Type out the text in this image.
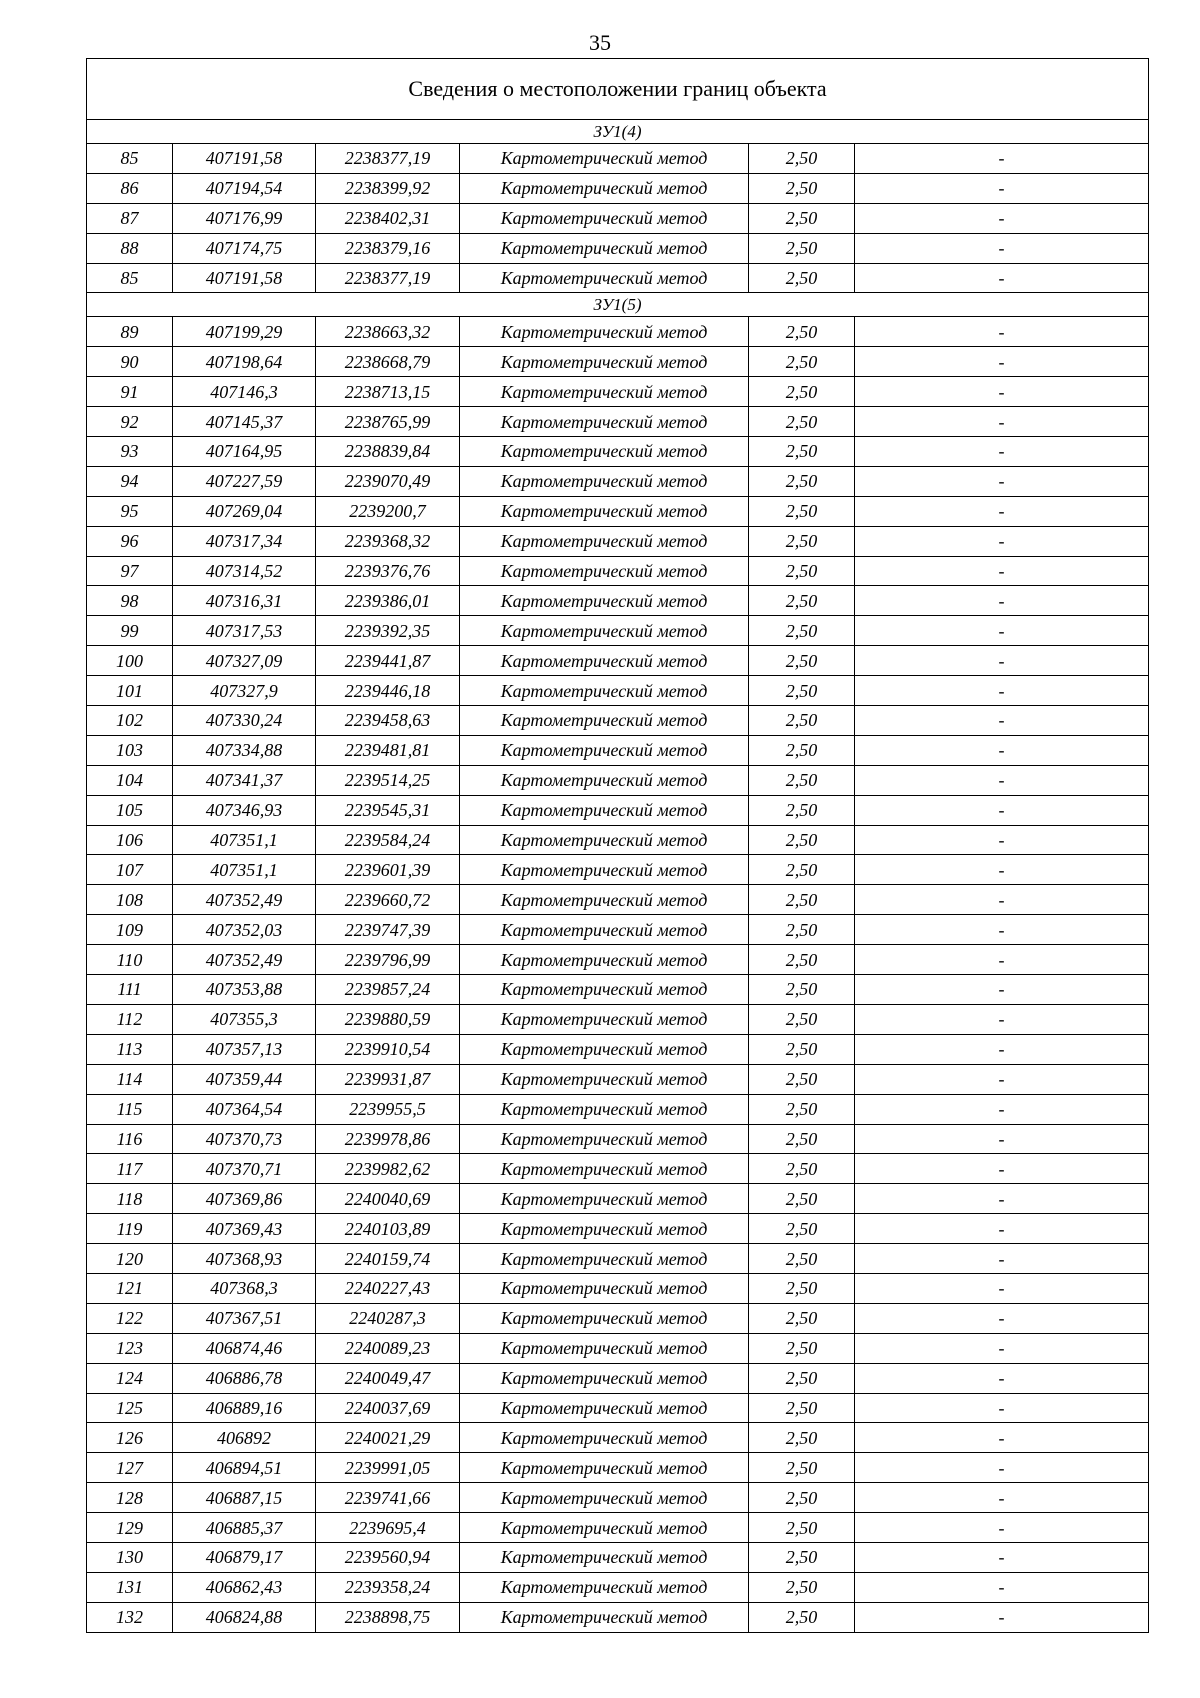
35
Сведения о местоположении границ объекта					
ЗУ1(4)					
85	407191,58	2238377,19	Картометрический метод	2,50	-
86	407194,54	2238399,92	Картометрический метод	2,50	-
87	407176,99	2238402,31	Картометрический метод	2,50	-
88	407174,75	2238379,16	Картометрический метод	2,50	-
85	407191,58	2238377,19	Картометрический метод	2,50	-
ЗУ1(5)					
89	407199,29	2238663,32	Картометрический метод	2,50	-
90	407198,64	2238668,79	Картометрический метод	2,50	-
91	407146,3	2238713,15	Картометрический метод	2,50	-
92	407145,37	2238765,99	Картометрический метод	2,50	-
93	407164,95	2238839,84	Картометрический метод	2,50	-
94	407227,59	2239070,49	Картометрический метод	2,50	-
95	407269,04	2239200,7	Картометрический метод	2,50	-
96	407317,34	2239368,32	Картометрический метод	2,50	-
97	407314,52	2239376,76	Картометрический метод	2,50	-
98	407316,31	2239386,01	Картометрический метод	2,50	-
99	407317,53	2239392,35	Картометрический метод	2,50	-
100	407327,09	2239441,87	Картометрический метод	2,50	-
101	407327,9	2239446,18	Картометрический метод	2,50	-
102	407330,24	2239458,63	Картометрический метод	2,50	-
103	407334,88	2239481,81	Картометрический метод	2,50	-
104	407341,37	2239514,25	Картометрический метод	2,50	-
105	407346,93	2239545,31	Картометрический метод	2,50	-
106	407351,1	2239584,24	Картометрический метод	2,50	-
107	407351,1	2239601,39	Картометрический метод	2,50	-
108	407352,49	2239660,72	Картометрический метод	2,50	-
109	407352,03	2239747,39	Картометрический метод	2,50	-
110	407352,49	2239796,99	Картометрический метод	2,50	-
111	407353,88	2239857,24	Картометрический метод	2,50	-
112	407355,3	2239880,59	Картометрический метод	2,50	-
113	407357,13	2239910,54	Картометрический метод	2,50	-
114	407359,44	2239931,87	Картометрический метод	2,50	-
115	407364,54	2239955,5	Картометрический метод	2,50	-
116	407370,73	2239978,86	Картометрический метод	2,50	-
117	407370,71	2239982,62	Картометрический метод	2,50	-
118	407369,86	2240040,69	Картометрический метод	2,50	-
119	407369,43	2240103,89	Картометрический метод	2,50	-
120	407368,93	2240159,74	Картометрический метод	2,50	-
121	407368,3	2240227,43	Картометрический метод	2,50	-
122	407367,51	2240287,3	Картометрический метод	2,50	-
123	406874,46	2240089,23	Картометрический метод	2,50	-
124	406886,78	2240049,47	Картометрический метод	2,50	-
125	406889,16	2240037,69	Картометрический метод	2,50	-
126	406892	2240021,29	Картометрический метод	2,50	-
127	406894,51	2239991,05	Картометрический метод	2,50	-
128	406887,15	2239741,66	Картометрический метод	2,50	-
129	406885,37	2239695,4	Картометрический метод	2,50	-
130	406879,17	2239560,94	Картометрический метод	2,50	-
131	406862,43	2239358,24	Картометрический метод	2,50	-
132	406824,88	2238898,75	Картометрический метод	2,50	-
